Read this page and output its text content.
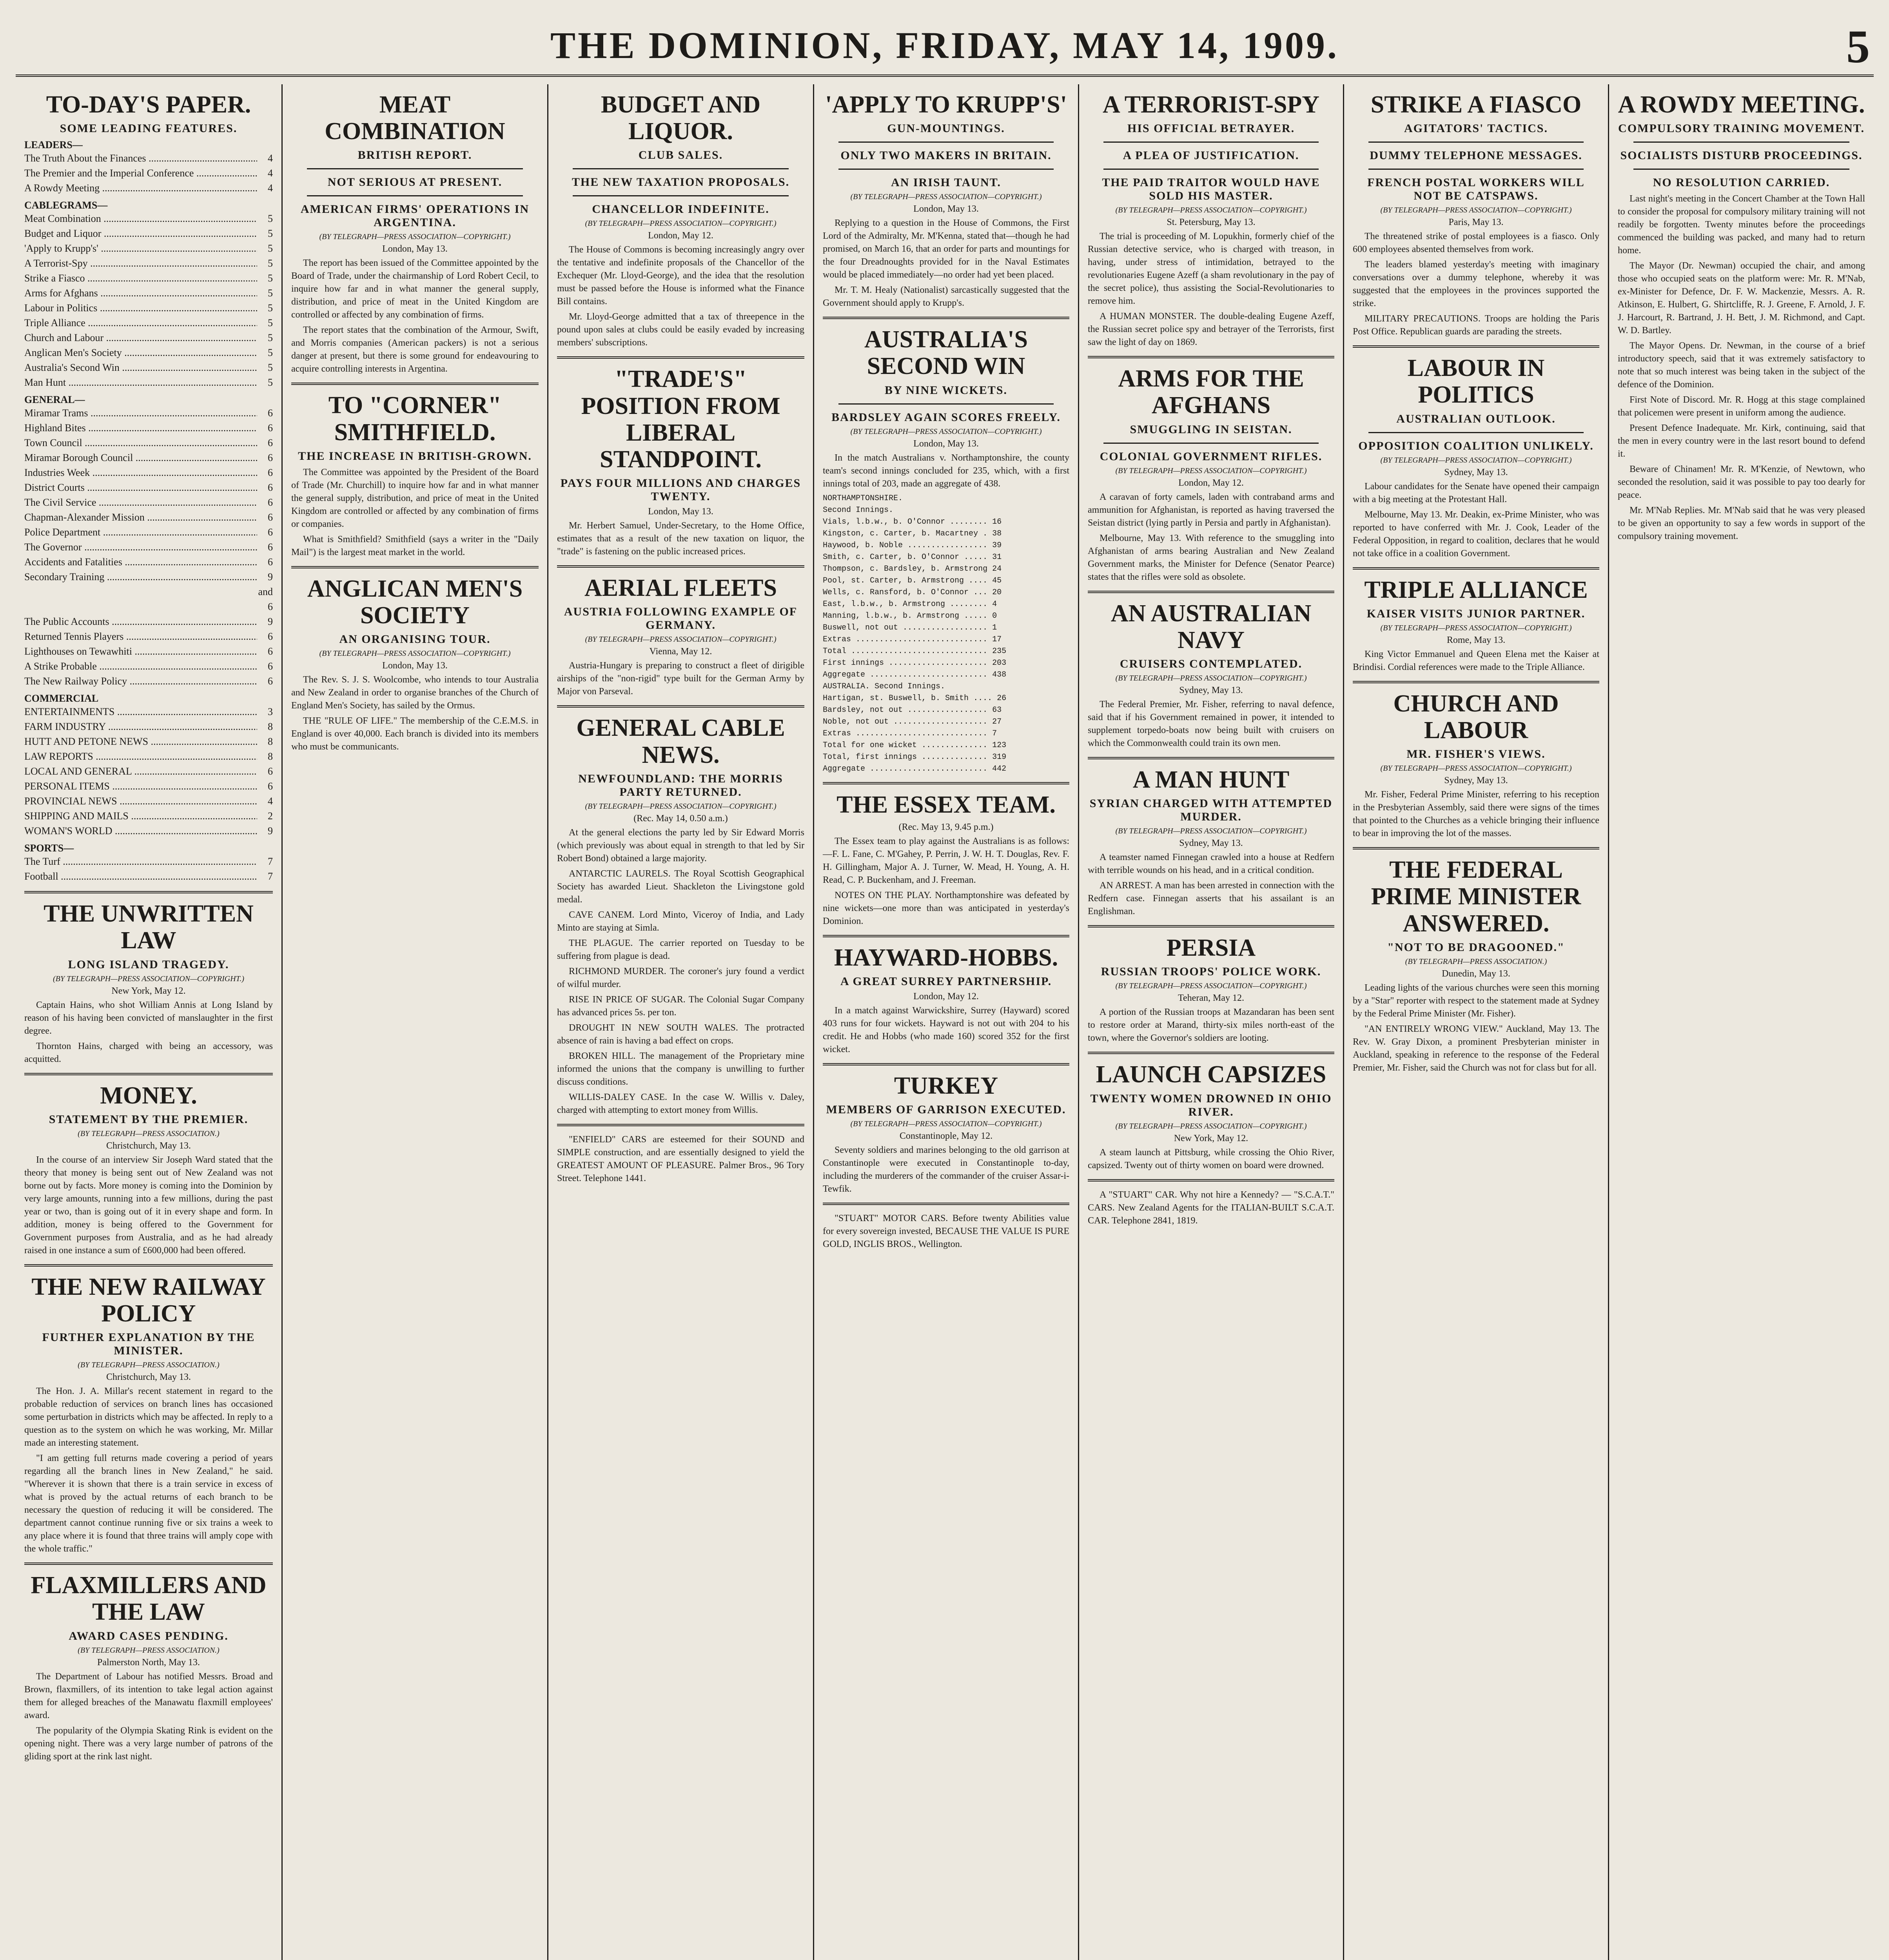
THE DOMINION, FRIDAY, MAY 14, 1909.	5
TO-DAY'S PAPER.
SOME LEADING FEATURES.
LEADERS—
The Truth About the Finances .....	4
The Premier and the Imperial Conference .....	4
A Rowdy Meeting .....	4
CABLEGRAMS—
Meat Combination .....	5
Budget and Liquor .....	5
'Apply to Krupp's' .....	5
A Terrorist-Spy .....	5
Strike a Fiasco .....	5
Arms for Afghans .....	5
Labour in Politics .....	5
Triple Alliance .....	5
Church and Labour .....	5
Anglican Men's Society .....	5
Australia's Second Win .....	5
Man Hunt .....	5
GENERAL—
Miramar Trams .....	6
Highland Bites .....	6
Town Council .....	6
Miramar Borough Council .....	6
Industries Week .....	6
District Courts .....	6
The Civil Service .....	6
Chapman-Alexander Mission .....	6
Police Department .....	6
The Governor .....	6
Accidents and Fatalities .....	6
Secondary Training .....	9 and 6
The Public Accounts .....	9
Returned Tennis Players .....	6
Lighthouses on Tewawhiti .....	6
A Strike Probable .....	6
The New Railway Policy .....	6
COMMERCIAL
ENTERTAINMENTS .....	3
FARM INDUSTRY .....	8
HUTT AND PETONE NEWS .....	8
LAW REPORTS .....	8
LOCAL AND GENERAL .....	6
PERSONAL ITEMS .....	6
PROVINCIAL NEWS .....	4
SHIPPING AND MAILS .....	2
WOMAN'S WORLD .....	9
SPORTS—
The Turf .....	7
Football .....	7
THE UNWRITTEN LAW
LONG ISLAND TRAGEDY.
(BY TELEGRAPH—PRESS ASSOCIATION—COPYRIGHT.)
New York, May 12.

Captain Hains, who shot William Annis at Long Island by reason of his having been convicted of manslaughter in the first degree.

Thornton Hains, charged with being an accessory, was acquitted.

MONEY.
STATEMENT BY THE PREMIER.
(BY TELEGRAPH—PRESS ASSOCIATION.)
Christchurch, May 13.

In the course of an interview Sir Joseph Ward stated that the theory that money is being sent out of New Zealand was not borne out by facts. More money is coming into the Dominion by very large amounts, running into a few millions, during the past year or two, than is going out of it in every shape and form. In addition, money is being offered to the Government for Government purposes from Australia, and as he had already raised in one instance a sum of £600,000 had been offered.

THE NEW RAILWAY POLICY
FURTHER EXPLANATION BY THE MINISTER.
(BY TELEGRAPH—PRESS ASSOCIATION.)
Christchurch, May 13.

The Hon. J. A. Millar's recent statement in regard to the probable reduction of services on branch lines has occasioned some perturbation in districts which may be affected. In reply to a question as to the system on which he was working, Mr. Millar made an interesting statement.

"I am getting full returns made covering a period of years regarding all the branch lines in New Zealand," he said. "Wherever it is shown that there is a train service in excess of what is proved by the actual returns of each branch to be necessary the question of reducing it will be considered. The department cannot continue running five or six trains a week to any place where it is found that three trains will amply cope with the whole traffic."

FLAXMILLERS AND THE LAW
AWARD CASES PENDING.
(BY TELEGRAPH—PRESS ASSOCIATION.)
Palmerston North, May 13.

The Department of Labour has notified Messrs. Broad and Brown, flaxmillers, of its intention to take legal action against them for alleged breaches of the Manawatu flaxmill employees' award.

The popularity of the Olympia Skating Rink is evident on the opening night. There was a very large number of patrons of the gliding sport at the rink last night.

MEAT COMBINATION
BRITISH REPORT.
NOT SERIOUS AT PRESENT.
AMERICAN FIRMS' OPERATIONS IN ARGENTINA.
(BY TELEGRAPH—PRESS ASSOCIATION—COPYRIGHT.)
London, May 13.

The report has been issued of the Committee appointed by the Board of Trade, under the chairmanship of Lord Robert Cecil, to inquire how far and in what manner the general supply, distribution, and price of meat in the United Kingdom are controlled or affected by any combination of firms.

The report states that the combination of the Armour, Swift, and Morris companies (American packers) is not a serious danger at present, but there is some ground for endeavouring to acquire controlling interests in Argentina.

TO "CORNER" SMITHFIELD.
THE INCREASE IN BRITISH-GROWN.

The Committee was appointed by the President of the Board of Trade (Mr. Churchill) to inquire how far and in what manner the general supply, distribution, and price of meat in the United Kingdom are controlled or affected by any combination of firms or companies.

What is Smithfield? Smithfield (says a writer in the "Daily Mail") is the largest meat market in the world.

ANGLICAN MEN'S SOCIETY
AN ORGANISING TOUR.
(BY TELEGRAPH—PRESS ASSOCIATION—COPYRIGHT.)
London, May 13.

The Rev. S. J. S. Woolcombe, who intends to tour Australia and New Zealand in order to organise branches of the Church of England Men's Society, has sailed by the Ormus.

THE "RULE OF LIFE." The membership of the C.E.M.S. in England is over 40,000. Each branch is divided into its members who must be communicants.

BUDGET AND LIQUOR.
CLUB SALES.
THE NEW TAXATION PROPOSALS.
CHANCELLOR INDEFINITE.
(BY TELEGRAPH—PRESS ASSOCIATION—COPYRIGHT.)
London, May 12.

The House of Commons is becoming increasingly angry over the tentative and indefinite proposals of the Chancellor of the Exchequer (Mr. Lloyd-George), and the idea that the resolution must be passed before the House is informed what the Finance Bill contains.

Mr. Lloyd-George admitted that a tax of threepence in the pound upon sales at clubs could be easily evaded by increasing members' subscriptions.

"TRADE'S" POSITION FROM LIBERAL STANDPOINT.
PAYS FOUR MILLIONS AND CHARGES TWENTY.
London, May 13.

Mr. Herbert Samuel, Under-Secretary, to the Home Office, estimates that as a result of the new taxation on liquor, the "trade" is fastening on the public increased prices.

AERIAL FLEETS
AUSTRIA FOLLOWING EXAMPLE OF GERMANY.
(BY TELEGRAPH—PRESS ASSOCIATION—COPYRIGHT.)
Vienna, May 12.

Austria-Hungary is preparing to construct a fleet of dirigible airships of the "non-rigid" type built for the German Army by Major von Parseval.

GENERAL CABLE NEWS.
NEWFOUNDLAND: THE MORRIS PARTY RETURNED.
(BY TELEGRAPH—PRESS ASSOCIATION—COPYRIGHT.)
(Rec. May 14, 0.50 a.m.)

At the general elections the party led by Sir Edward Morris (which previously was about equal in strength to that led by Sir Robert Bond) obtained a large majority.

ANTARCTIC LAURELS. The Royal Scottish Geographical Society has awarded Lieut. Shackleton the Livingstone gold medal.

CAVE CANEM. Lord Minto, Viceroy of India, and Lady Minto are staying at Simla.

THE PLAGUE. The carrier reported on Tuesday to be suffering from plague is dead.

RICHMOND MURDER. The coroner's jury found a verdict of wilful murder.

RISE IN PRICE OF SUGAR. The Colonial Sugar Company has advanced prices 5s. per ton.

DROUGHT IN NEW SOUTH WALES. The protracted absence of rain is having a bad effect on crops.

BROKEN HILL. The management of the Proprietary mine informed the unions that the company is unwilling to further discuss conditions.

WILLIS-DALEY CASE. In the case W. Willis v. Daley, charged with attempting to extort money from Willis.

"ENFIELD" CARS are esteemed for their SOUND and SIMPLE construction, and are essentially designed to yield the GREATEST AMOUNT OF PLEASURE. Palmer Bros., 96 Tory Street. Telephone 1441.

'APPLY TO KRUPP'S'
GUN-MOUNTINGS.
ONLY TWO MAKERS IN BRITAIN.
AN IRISH TAUNT.
(BY TELEGRAPH—PRESS ASSOCIATION—COPYRIGHT.)
London, May 13.

Replying to a question in the House of Commons, the First Lord of the Admiralty, Mr. M'Kenna, stated that—though he had promised, on March 16, that an order for parts and mountings for the four Dreadnoughts provided for in the Naval Estimates would be placed immediately—no order had yet been placed.

Mr. T. M. Healy (Nationalist) sarcastically suggested that the Government should apply to Krupp's.

AUSTRALIA'S SECOND WIN
BY NINE WICKETS.
BARDSLEY AGAIN SCORES FREELY.
(BY TELEGRAPH—PRESS ASSOCIATION—COPYRIGHT.)
London, May 13.

In the match Australians v. Northamptonshire, the county team's second innings concluded for 235, which, with a first innings total of 203, made an aggregate of 438.

NORTHAMPTONSHIRE.
Second Innings.
Vials, l.b.w., b. O'Connor ........ 16
Kingston, c. Carter, b. Macartney . 38
Haywood, b. Noble ................. 39
Smith, c. Carter, b. O'Connor ..... 31
Thompson, c. Bardsley, b. Armstrong 24
Pool, st. Carter, b. Armstrong .... 45
Wells, c. Ransford, b. O'Connor ... 20
East, l.b.w., b. Armstrong ........ 4
Manning, l.b.w., b. Armstrong ..... 0
Buswell, not out .................. 1
Extras ............................ 17
Total ............................. 235
First innings ..................... 203
Aggregate ......................... 438
AUSTRALIA. Second Innings.
Hartigan, st. Buswell, b. Smith .... 26
Bardsley, not out ................. 63
Noble, not out .................... 27
Extras ............................ 7
Total for one wicket .............. 123
Total, first innings .............. 319
Aggregate ......................... 442
THE ESSEX TEAM.
(Rec. May 13, 9.45 p.m.)

The Essex team to play against the Australians is as follows:—F. L. Fane, C. M'Gahey, P. Perrin, J. W. H. T. Douglas, Rev. F. H. Gillingham, Major A. J. Turner, W. Mead, H. Young, A. H. Read, C. P. Buckenham, and J. Freeman.

NOTES ON THE PLAY. Northamptonshire was defeated by nine wickets—one more than was anticipated in yesterday's Dominion.

HAYWARD-HOBBS.
A GREAT SURREY PARTNERSHIP.
London, May 12.

In a match against Warwickshire, Surrey (Hayward) scored 403 runs for four wickets. Hayward is not out with 204 to his credit. He and Hobbs (who made 160) scored 352 for the first wicket.

TURKEY
MEMBERS OF GARRISON EXECUTED.
(BY TELEGRAPH—PRESS ASSOCIATION—COPYRIGHT.)
Constantinople, May 12.

Seventy soldiers and marines belonging to the old garrison at Constantinople were executed in Constantinople to-day, including the murderers of the commander of the cruiser Assar-i-Tewfik.

"STUART" MOTOR CARS. Before twenty Abilities value for every sovereign invested, BECAUSE THE VALUE IS PURE GOLD, INGLIS BROS., Wellington.

A TERRORIST-SPY
HIS OFFICIAL BETRAYER.
A PLEA OF JUSTIFICATION.
THE PAID TRAITOR WOULD HAVE SOLD HIS MASTER.
(BY TELEGRAPH—PRESS ASSOCIATION—COPYRIGHT.)
St. Petersburg, May 13.

The trial is proceeding of M. Lopukhin, formerly chief of the Russian detective service, who is charged with treason, in having, under stress of intimidation, betrayed to the revolutionaries Eugene Azeff (a sham revolutionary in the pay of the secret police), thus assisting the Social-Revolutionaries to remove him.

A HUMAN MONSTER. The double-dealing Eugene Azeff, the Russian secret police spy and betrayer of the Terrorists, first saw the light of day on 1869.

ARMS FOR THE AFGHANS
SMUGGLING IN SEISTAN.
COLONIAL GOVERNMENT RIFLES.
(BY TELEGRAPH—PRESS ASSOCIATION—COPYRIGHT.)
London, May 12.

A caravan of forty camels, laden with contraband arms and ammunition for Afghanistan, is reported as having traversed the Seistan district (lying partly in Persia and partly in Afghanistan).

Melbourne, May 13. With reference to the smuggling into Afghanistan of arms bearing Australian and New Zealand Government marks, the Minister for Defence (Senator Pearce) states that the rifles were sold as obsolete.

AN AUSTRALIAN NAVY
CRUISERS CONTEMPLATED.
(BY TELEGRAPH—PRESS ASSOCIATION—COPYRIGHT.)
Sydney, May 13.

The Federal Premier, Mr. Fisher, referring to naval defence, said that if his Government remained in power, it intended to supplement torpedo-boats now being built with cruisers on which the Commonwealth could train its own men.

A MAN HUNT
SYRIAN CHARGED WITH ATTEMPTED MURDER.
(BY TELEGRAPH—PRESS ASSOCIATION—COPYRIGHT.)
Sydney, May 13.

A teamster named Finnegan crawled into a house at Redfern with terrible wounds on his head, and in a critical condition.

AN ARREST. A man has been arrested in connection with the Redfern case. Finnegan asserts that his assailant is an Englishman.

PERSIA
RUSSIAN TROOPS' POLICE WORK.
(BY TELEGRAPH—PRESS ASSOCIATION—COPYRIGHT.)
Teheran, May 12.

A portion of the Russian troops at Mazandaran has been sent to restore order at Marand, thirty-six miles north-east of the town, where the Governor's soldiers are looting.

LAUNCH CAPSIZES
TWENTY WOMEN DROWNED IN OHIO RIVER.
(BY TELEGRAPH—PRESS ASSOCIATION—COPYRIGHT.)
New York, May 12.

A steam launch at Pittsburg, while crossing the Ohio River, capsized. Twenty out of thirty women on board were drowned.

A "STUART" CAR. Why not hire a Kennedy? — "S.C.A.T." CARS. New Zealand Agents for the ITALIAN-BUILT S.C.A.T. CAR. Telephone 2841, 1819.

STRIKE A FIASCO
AGITATORS' TACTICS.
DUMMY TELEPHONE MESSAGES.
FRENCH POSTAL WORKERS WILL NOT BE CATSPAWS.
(BY TELEGRAPH—PRESS ASSOCIATION—COPYRIGHT.)
Paris, May 13.

The threatened strike of postal employees is a fiasco. Only 600 employees absented themselves from work.

The leaders blamed yesterday's meeting with imaginary conversations over a dummy telephone, whereby it was suggested that the employees in the provinces supported the strike.

MILITARY PRECAUTIONS. Troops are holding the Paris Post Office. Republican guards are parading the streets.

LABOUR IN POLITICS
AUSTRALIAN OUTLOOK.
OPPOSITION COALITION UNLIKELY.
(BY TELEGRAPH—PRESS ASSOCIATION—COPYRIGHT.)
Sydney, May 13.

Labour candidates for the Senate have opened their campaign with a big meeting at the Protestant Hall.

Melbourne, May 13. Mr. Deakin, ex-Prime Minister, who was reported to have conferred with Mr. J. Cook, Leader of the Federal Opposition, in regard to coalition, declares that he would not take office in a coalition Government.

TRIPLE ALLIANCE
KAISER VISITS JUNIOR PARTNER.
(BY TELEGRAPH—PRESS ASSOCIATION—COPYRIGHT.)
Rome, May 13.

King Victor Emmanuel and Queen Elena met the Kaiser at Brindisi. Cordial references were made to the Triple Alliance.

CHURCH AND LABOUR
MR. FISHER'S VIEWS.
(BY TELEGRAPH—PRESS ASSOCIATION—COPYRIGHT.)
Sydney, May 13.

Mr. Fisher, Federal Prime Minister, referring to his reception in the Presbyterian Assembly, said there were signs of the times that pointed to the Churches as a vehicle bringing their influence to bear in improving the lot of the masses.

THE FEDERAL PRIME MINISTER ANSWERED.
"NOT TO BE DRAGOONED."
(BY TELEGRAPH—PRESS ASSOCIATION.)
Dunedin, May 13.

Leading lights of the various churches were seen this morning by a "Star" reporter with respect to the statement made at Sydney by the Federal Prime Minister (Mr. Fisher).

"AN ENTIRELY WRONG VIEW." Auckland, May 13. The Rev. W. Gray Dixon, a prominent Presbyterian minister in Auckland, speaking in reference to the response of the Federal Premier, Mr. Fisher, said the Church was not for class but for all.

A ROWDY MEETING.
COMPULSORY TRAINING MOVEMENT.
SOCIALISTS DISTURB PROCEEDINGS.
NO RESOLUTION CARRIED.

Last night's meeting in the Concert Chamber at the Town Hall to consider the proposal for compulsory military training will not readily be forgotten. Twenty minutes before the proceedings commenced the building was packed, and many had to return home.

The Mayor (Dr. Newman) occupied the chair, and among those who occupied seats on the platform were: Mr. R. M'Nab, ex-Minister for Defence, Dr. F. W. Mackenzie, Messrs. A. R. Atkinson, E. Hulbert, G. Shirtcliffe, R. J. Greene, F. Arnold, J. F. J. Harcourt, R. Bartrand, J. H. Bett, J. M. Richmond, and Capt. W. D. Bartley.

The Mayor Opens. Dr. Newman, in the course of a brief introductory speech, said that it was extremely satisfactory to note that so much interest was being taken in the subject of the defence of the Dominion.

First Note of Discord. Mr. R. Hogg at this stage complained that policemen were present in uniform among the audience.

Present Defence Inadequate. Mr. Kirk, continuing, said that the men in every country were in the last resort bound to defend it.

Beware of Chinamen! Mr. R. M'Kenzie, of Newtown, who seconded the resolution, said it was possible to pay too dearly for peace.

Mr. M'Nab Replies. Mr. M'Nab said that he was very pleased to be given an opportunity to say a few words in support of the compulsory training movement.
